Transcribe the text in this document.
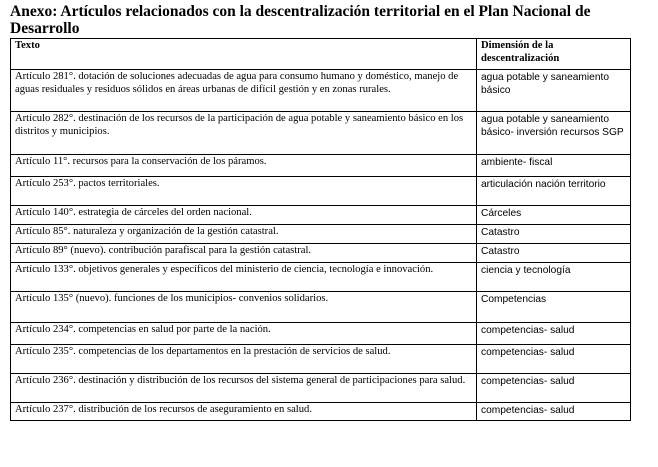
Anexo: Artículos relacionados con la descentralización territorial en el Plan Nacional de Desarrollo
Texto	Dimensión de la descentralización
Artículo 281°. dotación de soluciones adecuadas de agua para consumo humano y doméstico, manejo de aguas residuales y residuos sólidos en áreas urbanas de difícil gestión y en zonas rurales.	agua potable y saneamiento básico
Artículo 282°. destinación de los recursos de la participación de agua potable y saneamiento básico en los distritos y municipios.	agua potable y saneamiento básico- inversión recursos SGP
Artículo 11°. recursos para la conservación de los páramos.	ambiente- fiscal
Artículo 253°. pactos territoriales.	articulación nación territorio
Artículo 140°. estrategia de cárceles del orden nacional.	Cárceles
Artículo 85°. naturaleza y organización de la gestión catastral.	Catastro
Artículo 89° (nuevo). contribución parafiscal para la gestión catastral.	Catastro
Artículo 133°. objetivos generales y específicos del ministerio de ciencia, tecnología e innovación.	ciencia y tecnología
Artículo 135° (nuevo). funciones de los municipios- convenios solidarios.	Competencias
Artículo 234°. competencias en salud por parte de la nación.	competencias- salud
Artículo 235°. competencias de los departamentos en la prestación de servicios de salud.	competencias- salud
Artículo 236°. destinación y distribución de los recursos del sistema general de participaciones para salud.	competencias- salud
Artículo 237°. distribución de los recursos de aseguramiento en salud.	competencias- salud
